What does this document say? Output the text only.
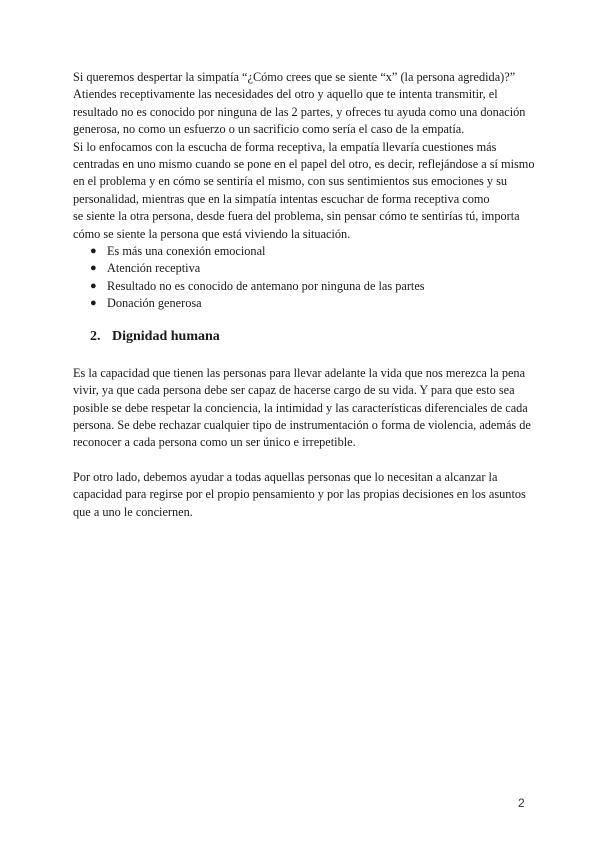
Si queremos despertar la simpatía “¿Cómo crees que se siente “x” (la persona agredida)?”
Atiendes receptivamente las necesidades del otro y aquello que te intenta transmitir, el
resultado no es conocido por ninguna de las 2 partes, y ofreces tu ayuda como una donación
generosa, no como un esfuerzo o un sacrificio como sería el caso de la empatía.
Si lo enfocamos con la escucha de forma receptiva, la empatía llevaría cuestiones más
centradas en uno mismo cuando se pone en el papel del otro, es decir, reflejándose a sí mismo
en el problema y en cómo se sentiría el mismo, con sus sentimientos sus emociones y su
personalidad, mientras que en la simpatía intentas escuchar de forma receptiva como
se siente la otra persona, desde fuera del problema, sin pensar cómo te sentirías tú, importa
cómo se siente la persona que está viviendo la situación.
● Es más una conexión emocional
● Atención receptiva
● Resultado no es conocido de antemano por ninguna de las partes
● Donación generosa
2. Dignidad humana
Es la capacidad que tienen las personas para llevar adelante la vida que nos merezca la pena
vivir, ya que cada persona debe ser capaz de hacerse cargo de su vida. Y para que esto sea
posible se debe respetar la conciencia, la intimidad y las características diferenciales de cada
persona. Se debe rechazar cualquier tipo de instrumentación o forma de violencia, además de
reconocer a cada persona como un ser único e irrepetible.
Por otro lado, debemos ayudar a todas aquellas personas que lo necesitan a alcanzar la
capacidad para regirse por el propio pensamiento y por las propias decisiones en los asuntos
que a uno le conciernen.
2
